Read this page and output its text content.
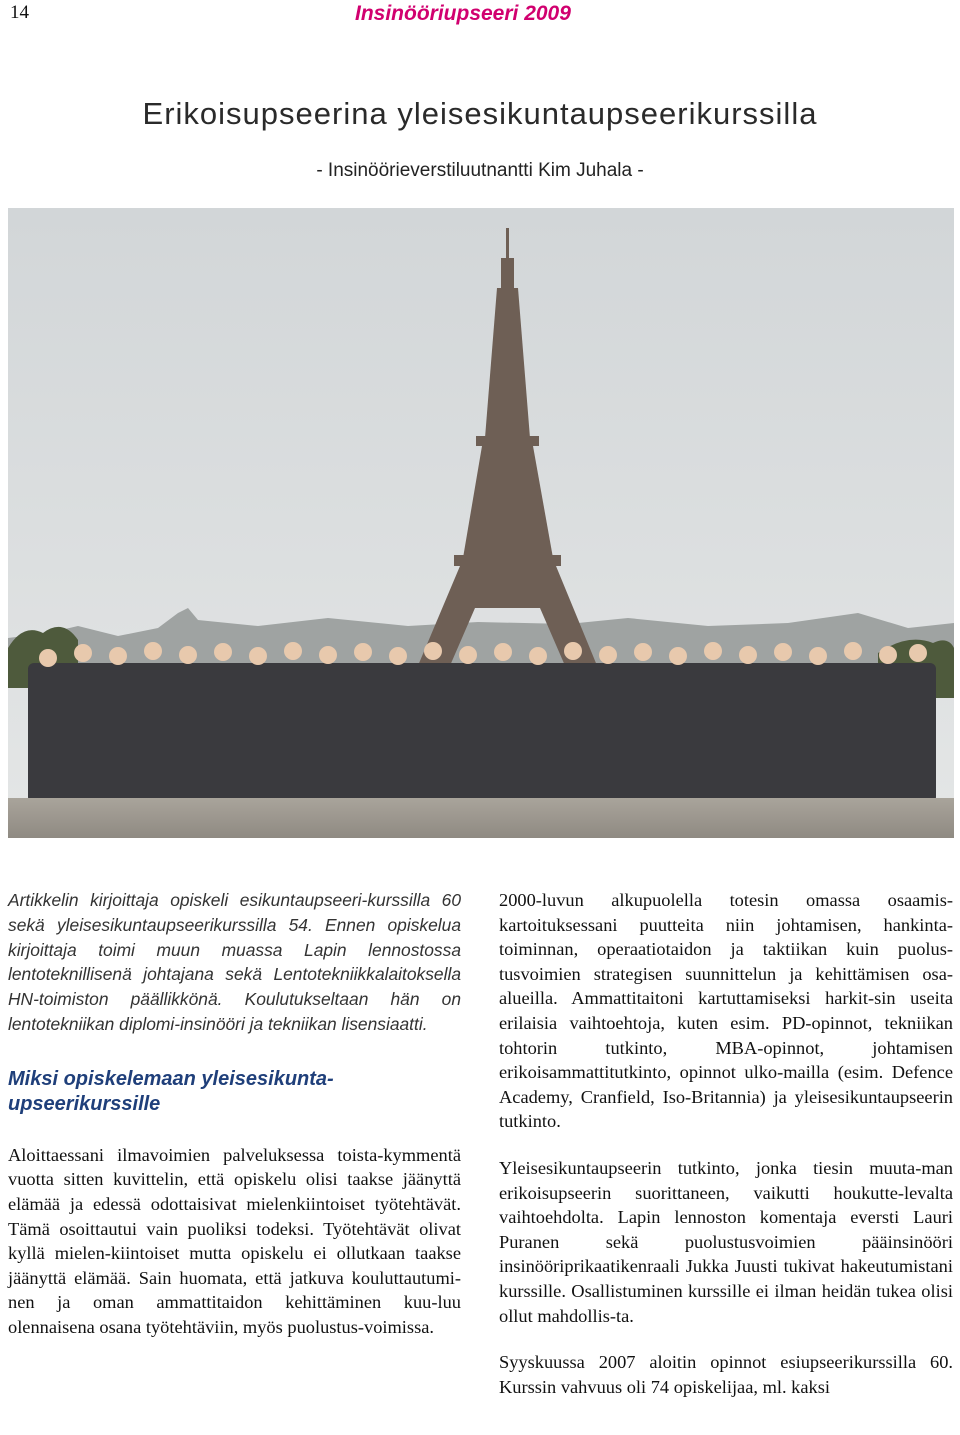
14	Insinööriupseeri 2009
Erikoisupseerina yleisesikuntaupseerikurssilla
- Insinöörieverstiluutnantti Kim Juhala -

Artikkelin kirjoittaja opiskeli esikuntaupseeri-kurssilla 60 sekä yleisesikuntaupseerikurssilla 54. Ennen opiskelua kirjoittaja toimi muun muassa Lapin lennostossa lentoteknillisenä johtajana sekä Lentotekniikkalaitoksella HN-toimiston päällikkönä. Koulutukseltaan hän on lentotekniikan diplomi-insinööri ja tekniikan lisensiaatti.

Miksi opiskelemaan yleisesikunta-upseerikurssille

Aloittaessani ilmavoimien palveluksessa toista-kymmentä vuotta sitten kuvittelin, että opiskelu olisi taakse jäänyttä elämää ja edessä odottaisivat mielenkiintoiset työtehtävät. Tämä osoittautui vain puoliksi todeksi. Työtehtävät olivat kyllä mielen-kiintoiset mutta opiskelu ei ollutkaan taakse jäänyttä elämää. Sain huomata, että jatkuva kouluttautumi-nen ja oman ammattitaidon kehittäminen kuu-luu olennaisena osana työtehtäviin, myös puolustus-voimissa.

2000-luvun alkupuolella totesin omassa osaamis-kartoituksessani puutteita niin johtamisen, hankinta-toiminnan, operaatiotaidon ja taktiikan kuin puolus-tusvoimien strategisen suunnittelun ja kehittämisen osa-alueilla. Ammattitaitoni kartuttamiseksi harkit-sin useita erilaisia vaihtoehtoja, kuten esim. PD-opinnot, tekniikan tohtorin tutkinto, MBA-opinnot, johtamisen erikoisammattitutkinto, opinnot ulko-mailla (esim. Defence Academy, Cranfield, Iso-Britannia) ja yleisesikuntaupseerin tutkinto.

Yleisesikuntaupseerin tutkinto, jonka tiesin muuta-man erikoisupseerin suorittaneen, vaikutti houkutte-levalta vaihtoehdolta. Lapin lennoston komentaja eversti Lauri Puranen sekä puolustusvoimien pääinsinööri insinööriprikaatikenraali Jukka Juusti tukivat hakeutumistani kurssille. Osallistuminen kurssille ei ilman heidän tukea olisi ollut mahdollis-ta.

Syyskuussa 2007 aloitin opinnot esiupseerikurssilla 60. Kurssin vahvuus oli 74 opiskelijaa, ml. kaksi
